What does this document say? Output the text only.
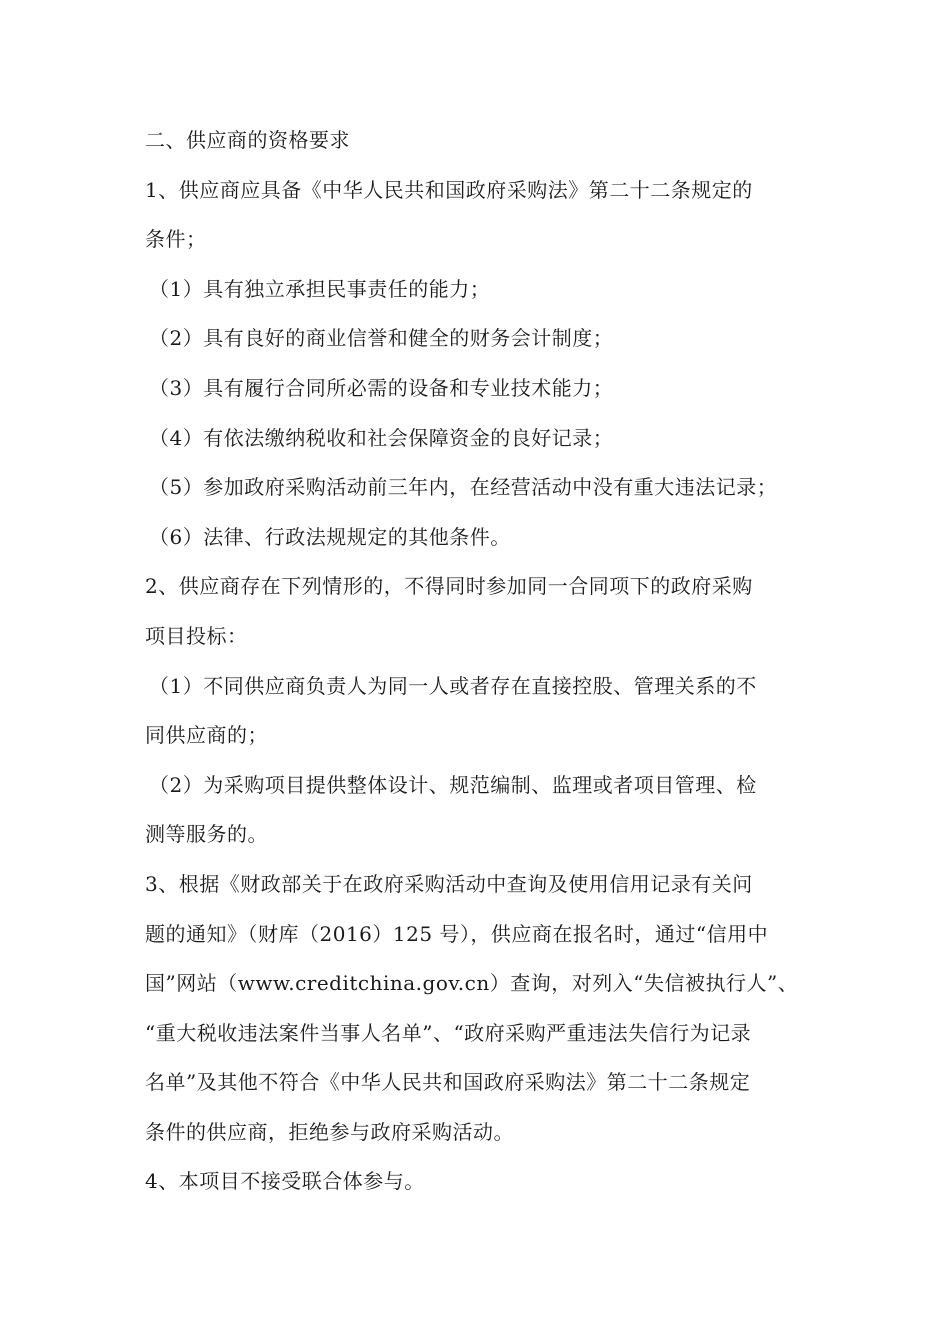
二、供应商的资格要求
1、供应商应具备《中华人民共和国政府采购法》第二十二条规定的
条件；
（1）具有独立承担民事责任的能力；
（2）具有良好的商业信誉和健全的财务会计制度；
（3）具有履行合同所必需的设备和专业技术能力；
（4）有依法缴纳税收和社会保障资金的良好记录；
（5）参加政府采购活动前三年内，在经营活动中没有重大违法记录；
（6）法律、行政法规规定的其他条件。
2、供应商存在下列情形的，不得同时参加同一合同项下的政府采购
项目投标：
（1）不同供应商负责人为同一人或者存在直接控股、管理关系的不
同供应商的；
（2）为采购项目提供整体设计、规范编制、监理或者项目管理、检
测等服务的。
3、根据《财政部关于在政府采购活动中查询及使用信用记录有关问
题的通知》（财库（2016）125 号），供应商在报名时，通过“信用中
国”网站（www.creditchina.gov.cn）查询，对列入“失信被执行人”、
“重大税收违法案件当事人名单”、“政府采购严重违法失信行为记录
名单”及其他不符合《中华人民共和国政府采购法》第二十二条规定
条件的供应商，拒绝参与政府采购活动。
4、本项目不接受联合体参与。
